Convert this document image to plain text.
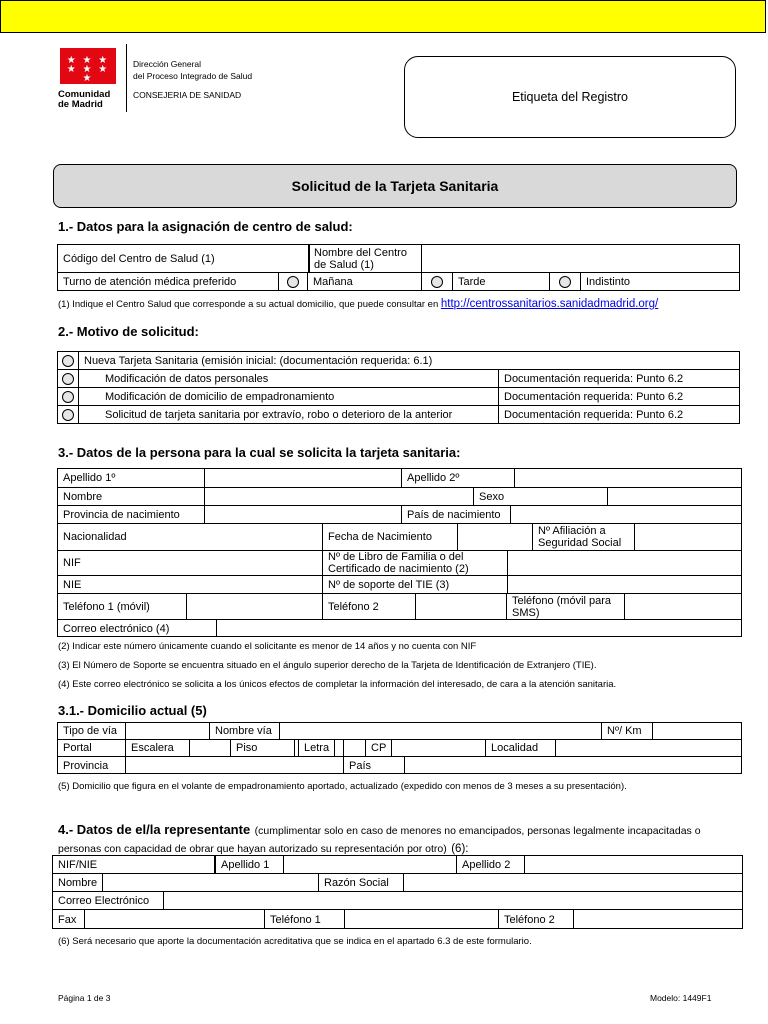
★ ★ ★ ★ ★ ★ ★
Comunidad
de Madrid
Dirección General
del Proceso Integrado de Salud
CONSEJERIA DE SANIDAD	Etiqueta del Registro
Solicitud de la Tarjeta Sanitaria
1.- Datos para la asignación de centro de salud:
Código del Centro de Salud (1)	Nombre del Centro de Salud (1)
Turno de atención médica preferido	Mañana	Tarde	Indistinto
(1) Indique el Centro Salud que corresponde a su actual domicilio, que puede consultar en http://centrossanitarios.sanidadmadrid.org/
2.- Motivo de solicitud:
Nueva Tarjeta Sanitaria (emisión inicial: (documentación requerida: 6.1)
Modificación de datos personales	Documentación requerida: Punto 6.2
Modificación de domicilio de empadronamiento	Documentación requerida: Punto 6.2
Solicitud de tarjeta sanitaria por extravío, robo o deterioro de la anterior	Documentación requerida: Punto 6.2
3.- Datos de la persona para la cual se solicita la tarjeta sanitaria:
Apellido 1º	Apellido 2º
Nombre	Sexo
Provincia de nacimiento	País de nacimiento
Nacionalidad	Fecha de Nacimiento	Nº Afiliación a Seguridad Social
NIF	Nº de Libro de Familia o del Certificado de nacimiento (2)
NIE	Nº de soporte del TIE (3)
Teléfono 1 (móvil)	Teléfono 2	Teléfono (móvil para SMS)
Correo electrónico (4)
(2) Indicar este número únicamente cuando el solicitante es menor de 14 años y no cuenta con NIF
(3) El Número de Soporte se encuentra situado en el ángulo superior derecho de la Tarjeta de Identificación de Extranjero (TIE).
(4) Este correo electrónico se solicita a los únicos efectos de completar la información del interesado, de cara a la atención sanitaria.
3.1.- Domicilio actual (5)
Tipo de vía	Nombre vía	Nº/ Km
Portal	Escalera	Piso	Letra	CP	Localidad
Provincia	País
(5) Domicilio que figura en el volante de empadronamiento aportado, actualizado (expedido con menos de 3 meses a su presentación).
4.- Datos de el/la representante (cumplimentar solo en caso de menores no emancipados, personas legalmente incapacitadas o
personas con capacidad de obrar que hayan autorizado su representación por otro) (6):
NIF/NIE	Apellido 1	Apellido 2
Nombre	Razón Social
Correo Electrónico
Fax	Teléfono 1	Teléfono 2
(6) Será necesario que aporte la documentación acreditativa que se indica en el apartado 6.3 de este formulario.
Página 1 de 3	Modelo: 1449F1
